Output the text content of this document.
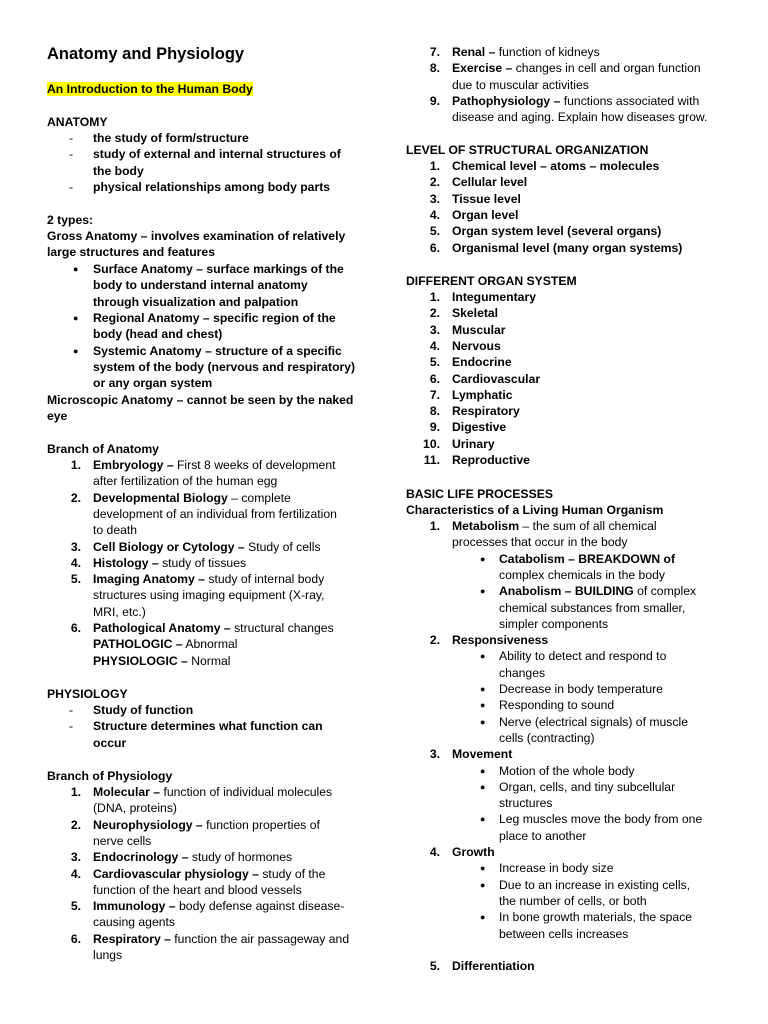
Anatomy and Physiology
An Introduction to the Human Body
ANATOMY
- the study of form/structure
- study of external and internal structures of
the body
- physical relationships among body parts
2 types:
Gross Anatomy – involves examination of relatively
large structures and features
● Surface Anatomy – surface markings of the
body to understand internal anatomy
through visualization and palpation
● Regional Anatomy – specific region of the
body (head and chest)
● Systemic Anatomy – structure of a specific
system of the body (nervous and respiratory)
or any organ system
Microscopic Anatomy – cannot be seen by the naked
eye
Branch of Anatomy
1. Embryology – First 8 weeks of development
after fertilization of the human egg
2. Developmental Biology – complete
development of an individual from fertilization
to death
3. Cell Biology or Cytology – Study of cells
4. Histology – study of tissues
5. Imaging Anatomy – study of internal body
structures using imaging equipment (X-ray,
MRI, etc.)
6. Pathological Anatomy – structural changes
PATHOLOGIC – Abnormal
PHYSIOLOGIC – Normal
PHYSIOLOGY
- Study of function
- Structure determines what function can
occur
Branch of Physiology
1. Molecular – function of individual molecules
(DNA, proteins)
2. Neurophysiology – function properties of
nerve cells
3. Endocrinology – study of hormones
4. Cardiovascular physiology – study of the
function of the heart and blood vessels
5. Immunology – body defense against disease-
causing agents
6. Respiratory – function the air passageway and
lungs
7. Renal – function of kidneys
8. Exercise – changes in cell and organ function
due to muscular activities
9. Pathophysiology – functions associated with
disease and aging. Explain how diseases grow.
LEVEL OF STRUCTURAL ORGANIZATION
1. Chemical level – atoms – molecules
2. Cellular level
3. Tissue level
4. Organ level
5. Organ system level (several organs)
6. Organismal level (many organ systems)
DIFFERENT ORGAN SYSTEM
1. Integumentary
2. Skeletal
3. Muscular
4. Nervous
5. Endocrine
6. Cardiovascular
7. Lymphatic
8. Respiratory
9. Digestive
10. Urinary
11. Reproductive
BASIC LIFE PROCESSES
Characteristics of a Living Human Organism
1. Metabolism – the sum of all chemical
processes that occur in the body
● Catabolism – BREAKDOWN of
complex chemicals in the body
● Anabolism – BUILDING of complex
chemical substances from smaller,
simpler components
2. Responsiveness
● Ability to detect and respond to
changes
● Decrease in body temperature
● Responding to sound
● Nerve (electrical signals) of muscle
cells (contracting)
3. Movement
● Motion of the whole body
● Organ, cells, and tiny subcellular
structures
● Leg muscles move the body from one
place to another
4. Growth
● Increase in body size
● Due to an increase in existing cells,
the number of cells, or both
● In bone growth materials, the space
between cells increases
5. Differentiation
